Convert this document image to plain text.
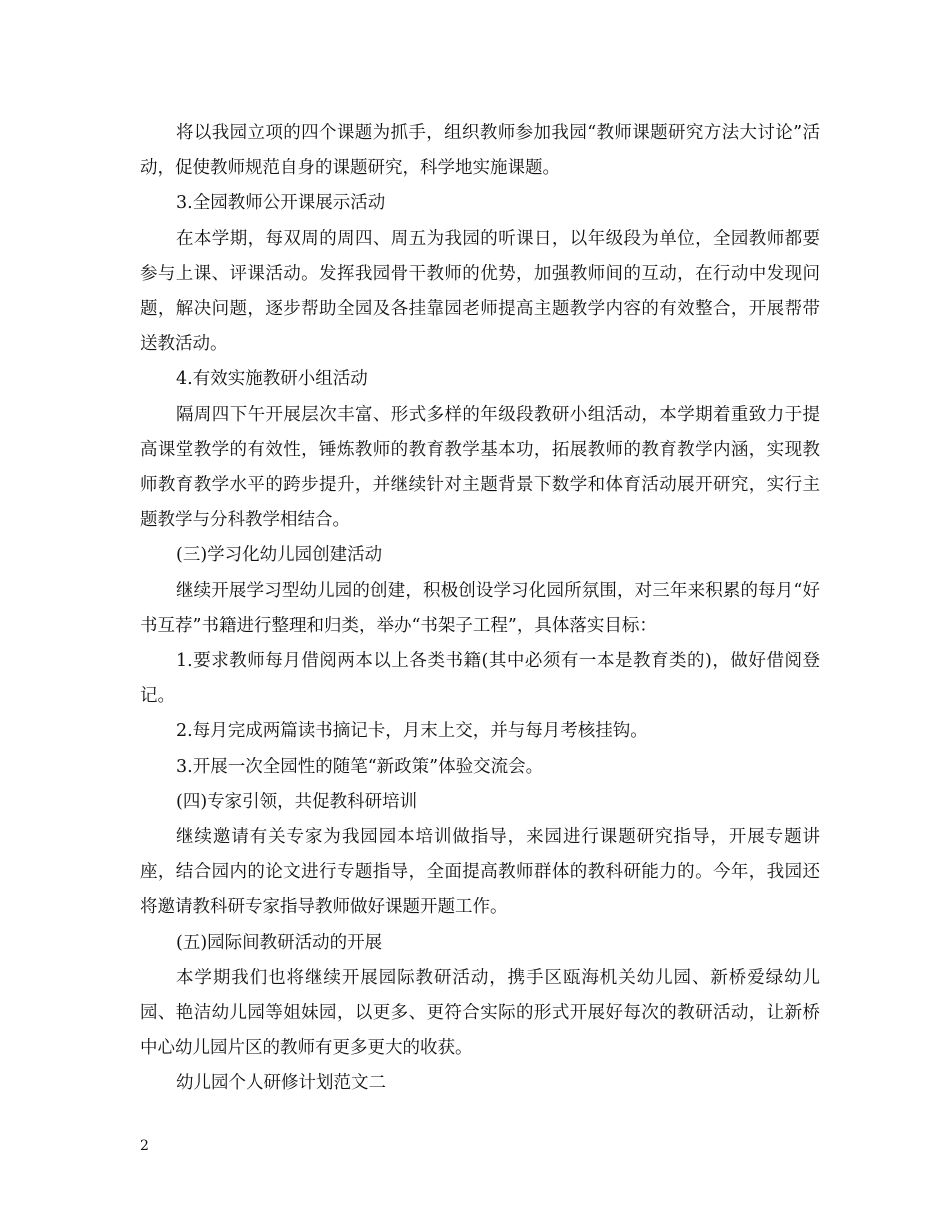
将以我园立项的四个课题为抓手，组织教师参加我园“教师课题研究方法大讨论”活动，促使教师规范自身的课题研究，科学地实施课题。

3.全园教师公开课展示活动

在本学期，每双周的周四、周五为我园的听课日，以年级段为单位，全园教师都要参与上课、评课活动。发挥我园骨干教师的优势，加强教师间的互动，在行动中发现问题，解决问题，逐步帮助全园及各挂靠园老师提高主题教学内容的有效整合，开展帮带送教活动。

4.有效实施教研小组活动

隔周四下午开展层次丰富、形式多样的年级段教研小组活动，本学期着重致力于提高课堂教学的有效性，锤炼教师的教育教学基本功，拓展教师的教育教学内涵，实现教师教育教学水平的跨步提升，并继续针对主题背景下数学和体育活动展开研究，实行主题教学与分科教学相结合。

(三)学习化幼儿园创建活动

继续开展学习型幼儿园的创建，积极创设学习化园所氛围，对三年来积累的每月“好书互荐”书籍进行整理和归类，举办“书架子工程”，具体落实目标：

1.要求教师每月借阅两本以上各类书籍(其中必须有一本是教育类的)，做好借阅登记。

2.每月完成两篇读书摘记卡，月末上交，并与每月考核挂钩。

3.开展一次全园性的随笔“新政策”体验交流会。

(四)专家引领，共促教科研培训

继续邀请有关专家为我园园本培训做指导，来园进行课题研究指导，开展专题讲座，结合园内的论文进行专题指导，全面提高教师群体的教科研能力的。今年，我园还将邀请教科研专家指导教师做好课题开题工作。

(五)园际间教研活动的开展

本学期我们也将继续开展园际教研活动，携手区瓯海机关幼儿园、新桥爱绿幼儿园、艳洁幼儿园等姐妹园，以更多、更符合实际的形式开展好每次的教研活动，让新桥中心幼儿园片区的教师有更多更大的收获。

幼儿园个人研修计划范文二

2
